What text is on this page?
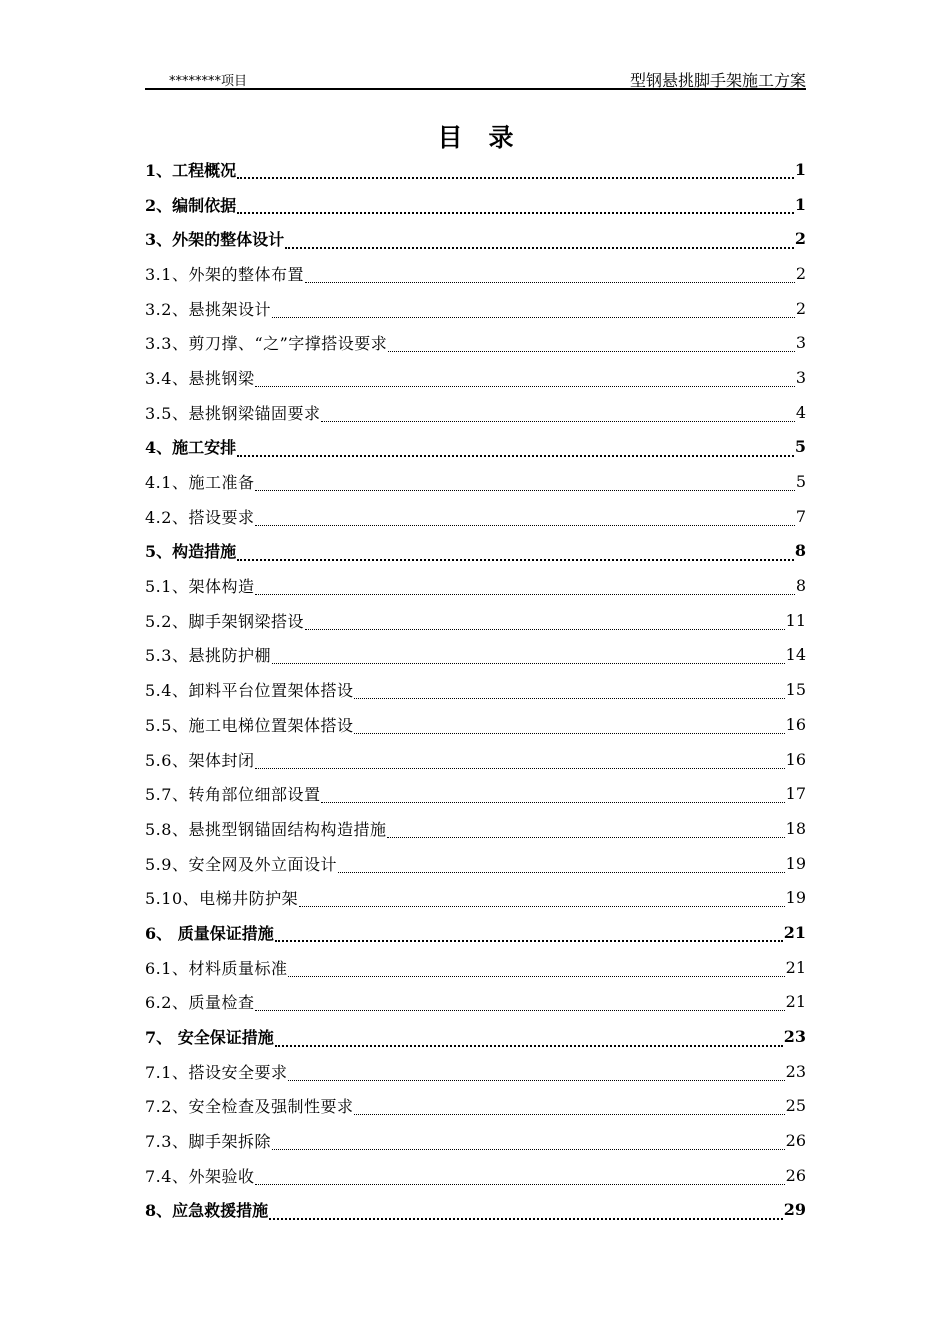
********项目	型钢悬挑脚手架施工方案
目录
1、工程概况	1
2、编制依据	1
3、外架的整体设计	2
3.1、外架的整体布置	2
3.2、悬挑架设计	2
3.3、剪刀撑、“之”字撑搭设要求	3
3.4、悬挑钢梁	3
3.5、悬挑钢梁锚固要求	4
4、施工安排	5
4.1、施工准备	5
4.2、搭设要求	7
5、构造措施	8
5.1、架体构造	8
5.2、脚手架钢梁搭设	11
5.3、悬挑防护棚	14
5.4、卸料平台位置架体搭设	15
5.5、施工电梯位置架体搭设	16
5.6、架体封闭	16
5.7、转角部位细部设置	17
5.8、悬挑型钢锚固结构构造措施	18
5.9、安全网及外立面设计	19
5.10、电梯井防护架	19
6、 质量保证措施	21
6.1、材料质量标准	21
6.2、质量检查	21
7、 安全保证措施	23
7.1、搭设安全要求	23
7.2、安全检查及强制性要求	25
7.3、脚手架拆除	26
7.4、外架验收	26
8、应急救援措施	29
